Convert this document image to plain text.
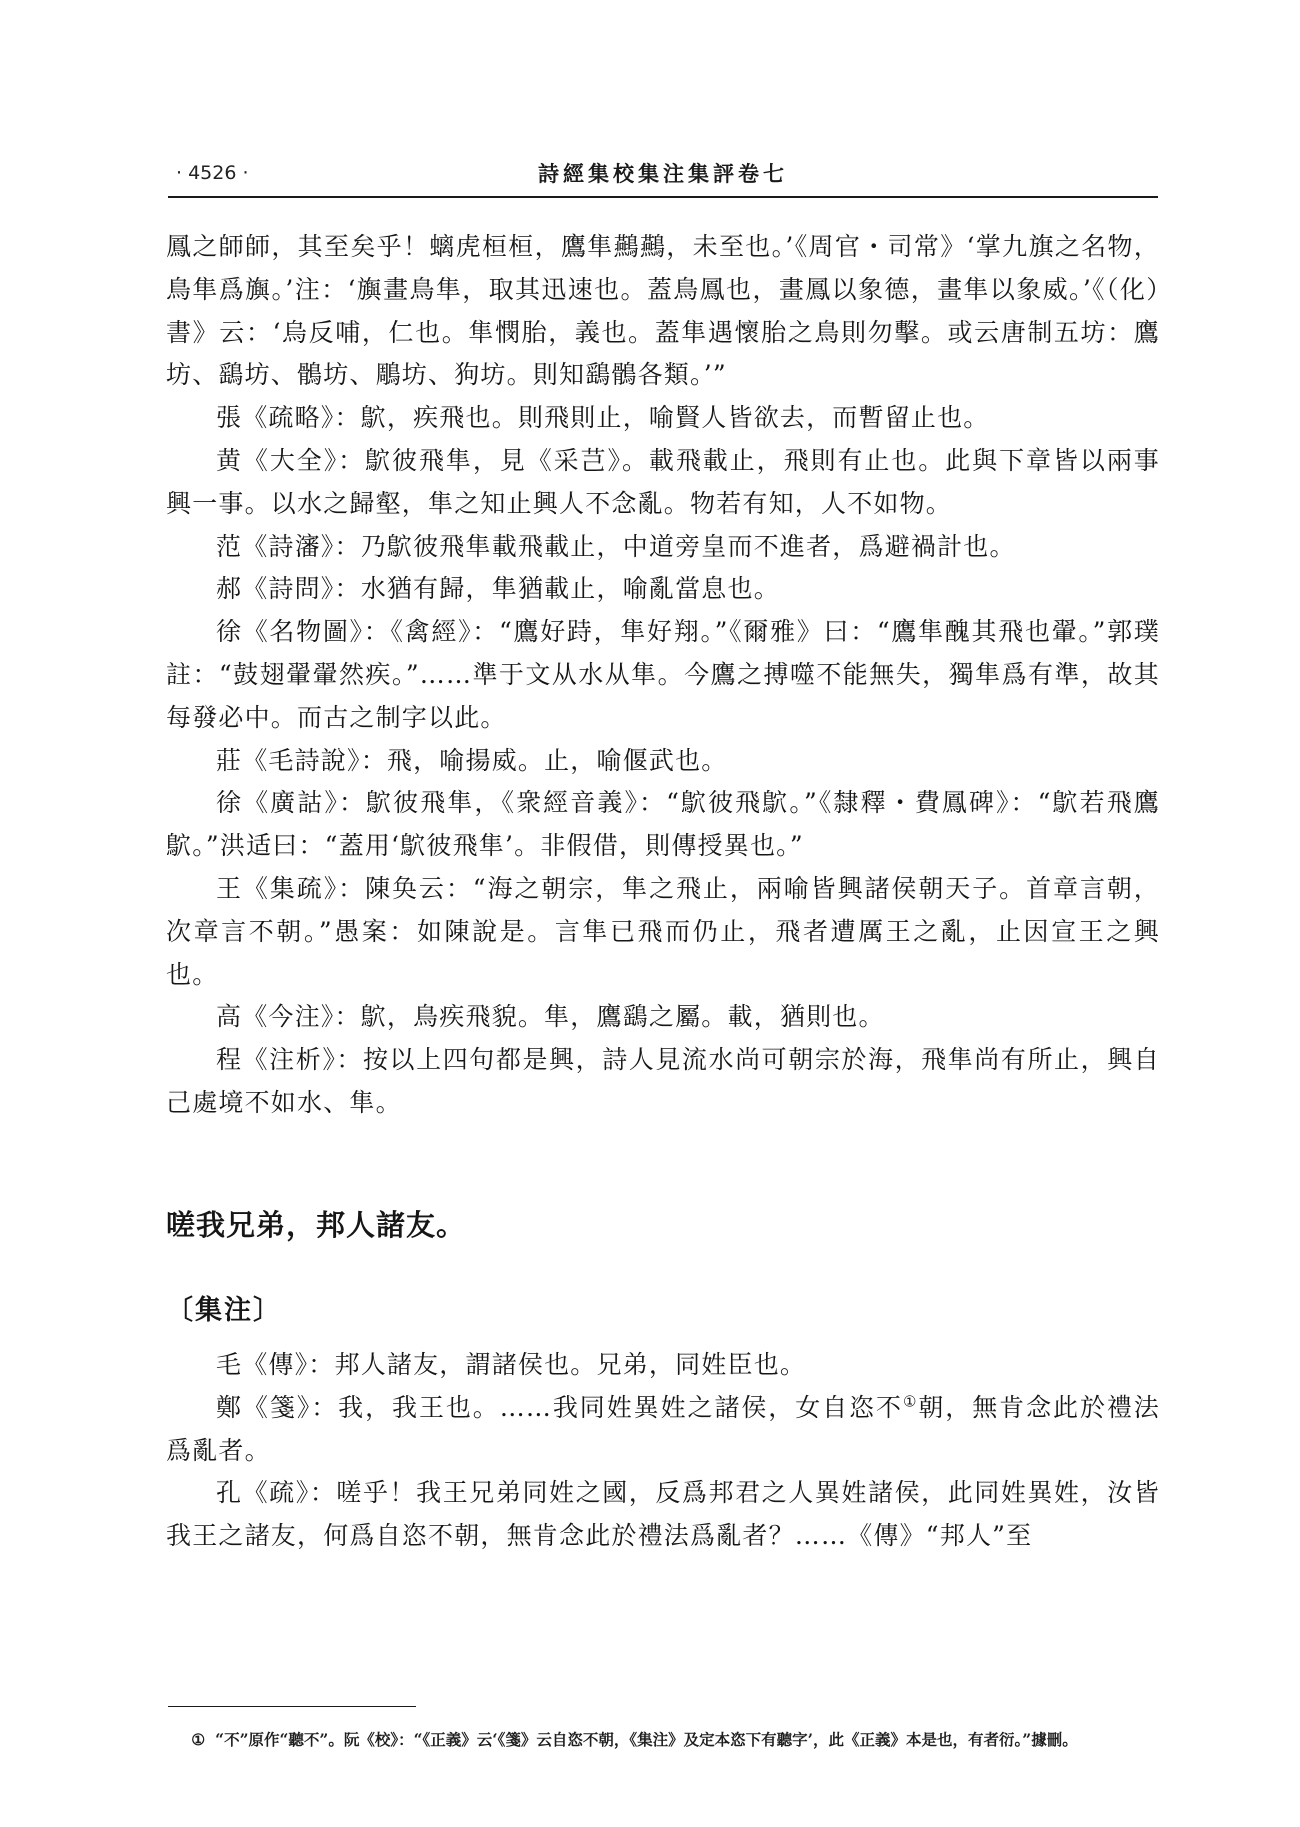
· 4526 ·	詩經集校集注集評卷七

鳳之師師，其至矣乎！螭虎桓桓，鷹隼䴏䴏，未至也。’《周官・司常》‘掌九旗之名物，鳥隼爲旟。’注：‘旟畫鳥隼，取其迅速也。蓋鳥鳳也，畫鳳以象德，畫隼以象威。’《（化）書》云：‘烏反哺，仁也。隼憫胎，義也。蓋隼遇懷胎之鳥則勿擊。或云唐制五坊：鷹坊、鷂坊、鶻坊、鵰坊、狗坊。則知鷂鶻各類。’”

張《疏略》：鴥，疾飛也。則飛則止，喻賢人皆欲去，而暫留止也。

黄《大全》：鴥彼飛隼，見《采芑》。載飛載止，飛則有止也。此與下章皆以兩事興一事。以水之歸壑，隼之知止興人不念亂。物若有知，人不如物。

范《詩瀋》：乃鴥彼飛隼載飛載止，中道旁皇而不進者，爲避禍計也。

郝《詩問》：水猶有歸，隼猶載止，喻亂當息也。

徐《名物圖》：《禽經》：“鷹好跱，隼好翔。”《爾雅》曰：“鷹隼醜其飛也翬。”郭璞註：“鼓翅翬翬然疾。”……準于文从水从隼。今鷹之搏噬不能無失，獨隼爲有準，故其每發必中。而古之制字以此。

莊《毛詩說》：飛，喻揚威。止，喻偃武也。

徐《廣詁》：鴥彼飛隼，《衆經音義》：“鴥彼飛鴥。”《隸釋・費鳳碑》：“鴥若飛鷹鴥。”洪适曰：“蓋用‘鴥彼飛隼’。非假借，則傳授異也。”

王《集疏》：陳奂云：“海之朝宗，隼之飛止，兩喻皆興諸侯朝天子。首章言朝，次章言不朝。”愚案：如陳說是。言隼已飛而仍止，飛者遭厲王之亂，止因宣王之興也。

高《今注》：鴥，鳥疾飛貌。隼，鷹鷂之屬。載，猶則也。

程《注析》：按以上四句都是興，詩人見流水尚可朝宗於海，飛隼尚有所止，興自己處境不如水、隼。

嗟我兄弟，邦人諸友。
〔集注〕

毛《傳》：邦人諸友，謂諸侯也。兄弟，同姓臣也。

鄭《箋》：我，我王也。……我同姓異姓之諸侯，女自恣不①朝，無肯念此於禮法爲亂者。

孔《疏》：嗟乎！我王兄弟同姓之國，反爲邦君之人異姓諸侯，此同姓異姓，汝皆我王之諸友，何爲自恣不朝，無肯念此於禮法爲亂者？……《傳》“邦人”至

① “不”原作“聽不”。阮《校》：“《正義》云‘《箋》云自恣不朝，《集注》及定本恣下有聽字’，此《正義》本是也，有者衍。”據刪。
